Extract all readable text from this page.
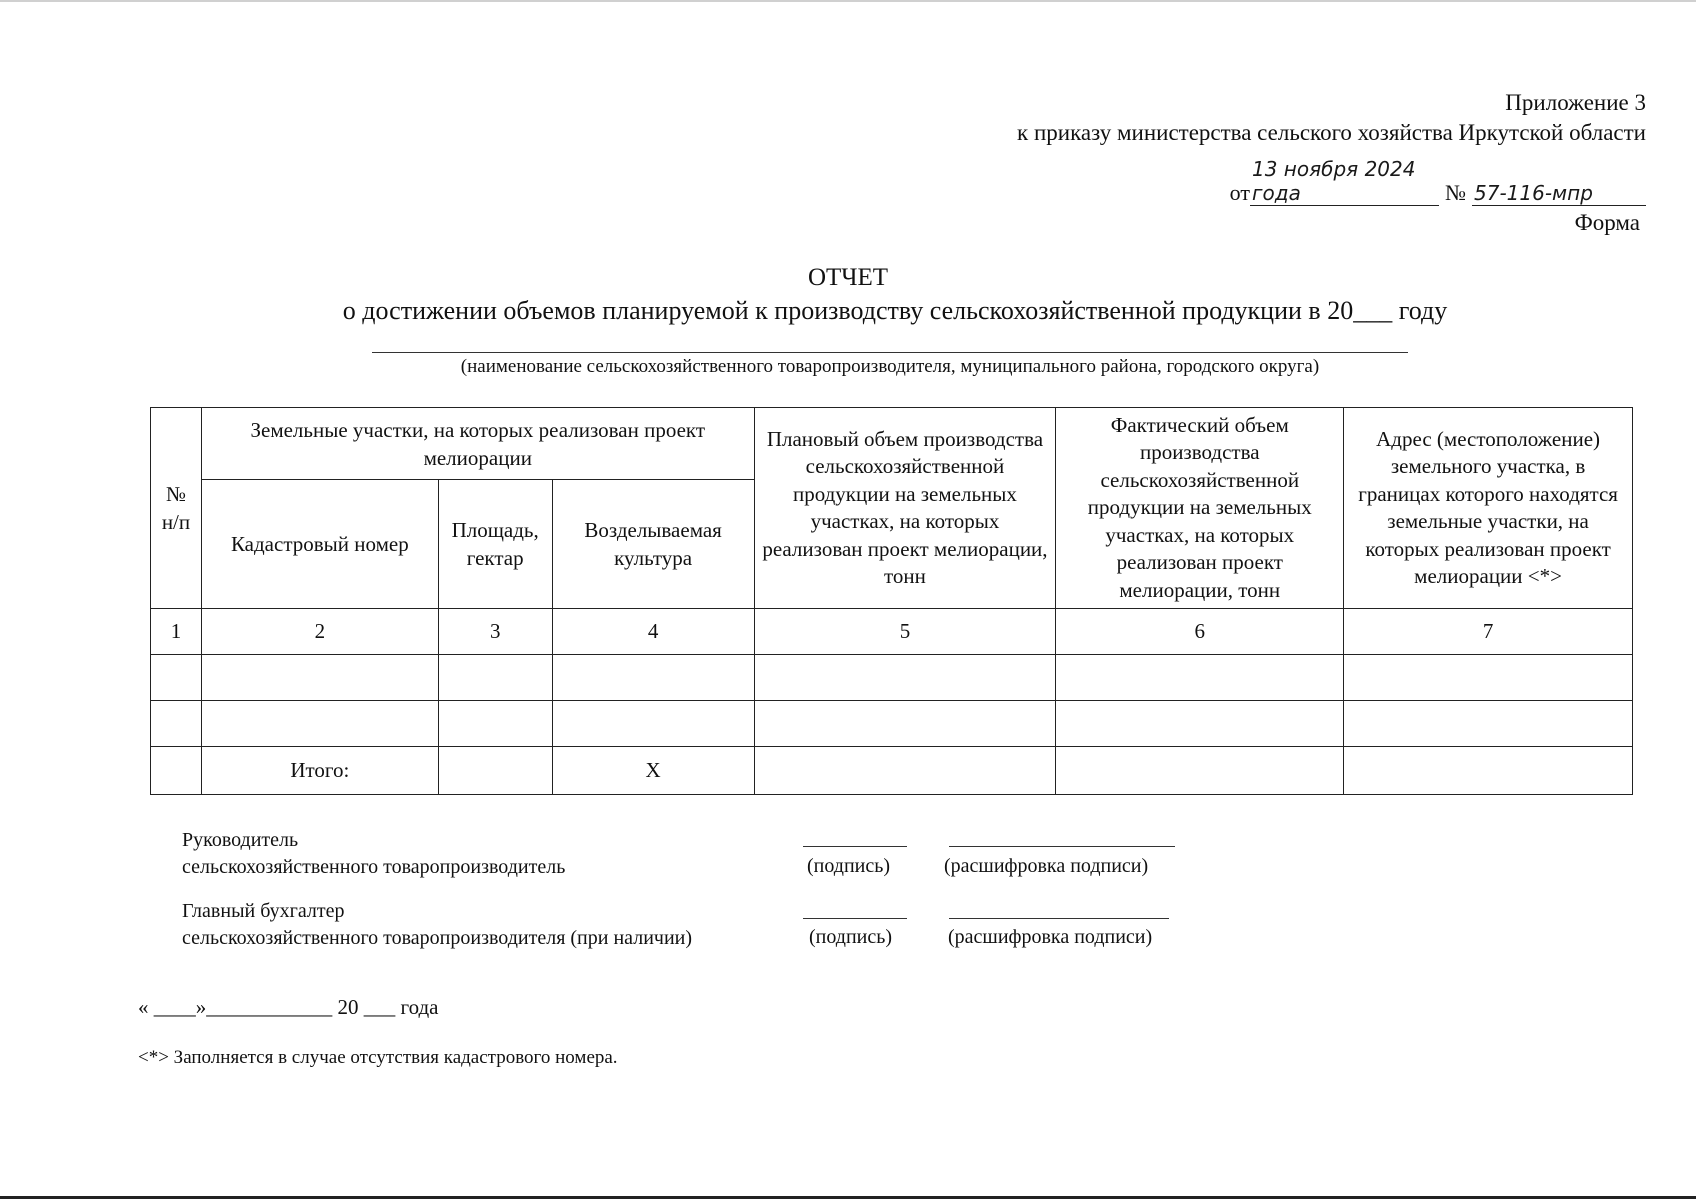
Приложение 3
к приказу министерства сельского хозяйства Иркутской области
от
13 ноября 2024 года	№ 57-116-мпр
Форма
ОТЧЕТ
о достижении объемов планируемой к производству сельскохозяйственной продукции в 20___ году
(наименование сельскохозяйственного товаропроизводителя, муниципального района, городского округа)
№ н/п	Земельные участки, на которых реализован проект мелиорации			Плановый объем производства сельскохозяйственной продукции на земельных участках, на которых реализован проект мелиорации, тонн	Фактический объем производства сельскохозяйственной продукции на земельных участках, на которых реализован проект мелиорации, тонн	Адрес (местоположение) земельного участка, в границах которого находятся земельные участки, на которых реализован проект мелиорации <*>
	Кадастровый номер	Площадь, гектар	Возделываемая культура			
1	2	3	4	5	6	7

	Итого:		X			
Руководитель
сельскохозяйственного товаропроизводитель	(подпись)	(расшифровка подписи)
Главный бухгалтер
сельскохозяйственного товаропроизводителя (при наличии)	(подпись)	(расшифровка подписи)
« ____»____________ 20 ___ года
<*> Заполняется в случае отсутствия кадастрового номера.
